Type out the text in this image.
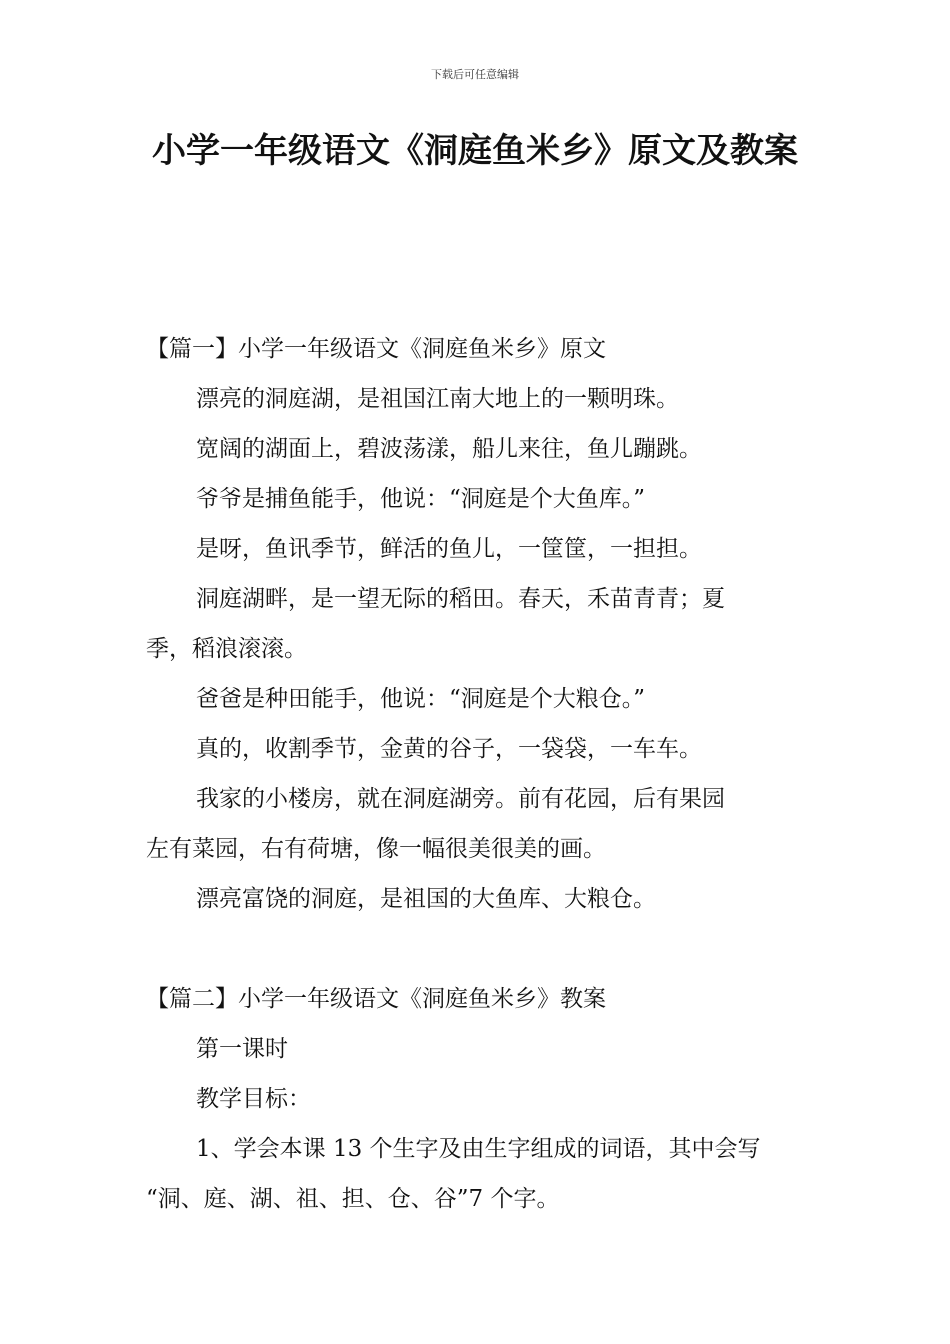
下载后可任意编辑
小学一年级语文《洞庭鱼米乡》原文及教案
【篇一】小学一年级语文《洞庭鱼米乡》原文
漂亮的洞庭湖，是祖国江南大地上的一颗明珠。
宽阔的湖面上，碧波荡漾，船儿来往，鱼儿蹦跳。
爷爷是捕鱼能手，他说：“洞庭是个大鱼库。”
是呀，鱼讯季节，鲜活的鱼儿，一筐筐，一担担。
洞庭湖畔，是一望无际的稻田。春天，禾苗青青；夏
季，稻浪滚滚。
爸爸是种田能手，他说：“洞庭是个大粮仓。”
真的，收割季节，金黄的谷子，一袋袋，一车车。
我家的小楼房，就在洞庭湖旁。前有花园，后有果园
左有菜园，右有荷塘，像一幅很美很美的画。
漂亮富饶的洞庭，是祖国的大鱼库、大粮仓。
【篇二】小学一年级语文《洞庭鱼米乡》教案
第一课时
教学目标：
1、学会本课 13 个生字及由生字组成的词语，其中会写
“洞、庭、湖、祖、担、仓、谷”7 个字。
